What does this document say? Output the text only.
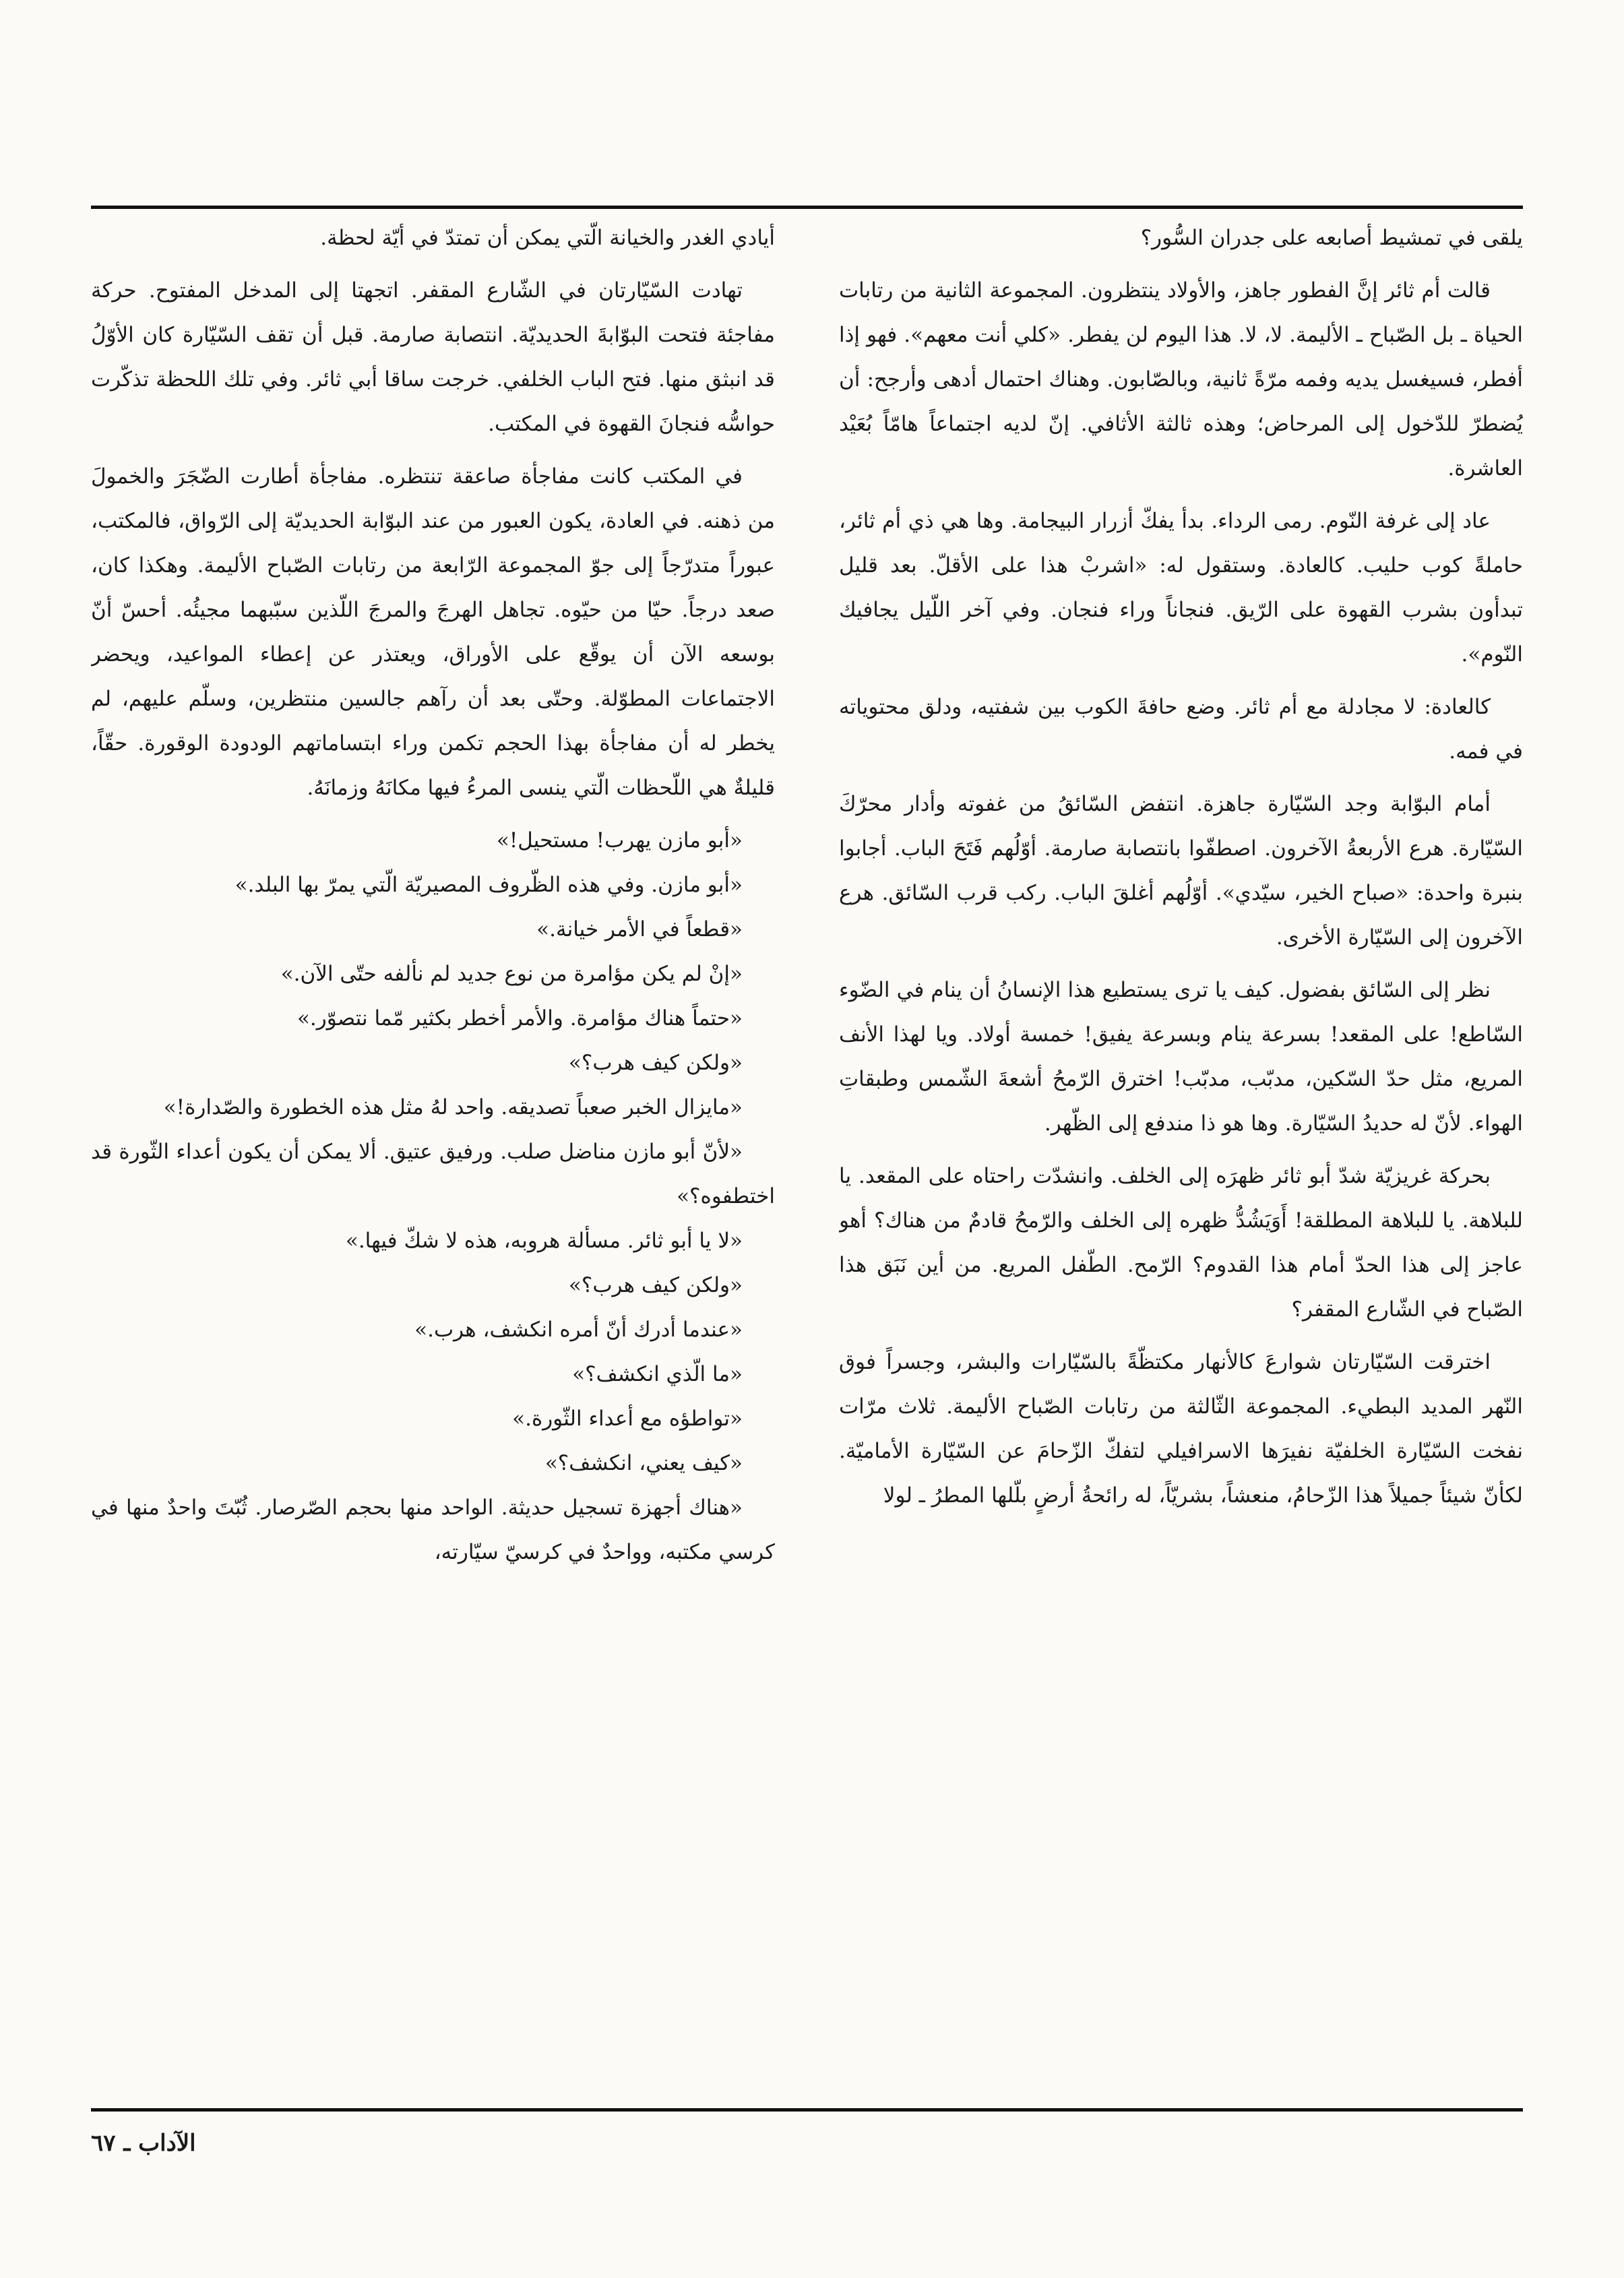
يلقى في تمشيط أصابعه على جدران السُّور؟

قالت أم ثائر إنَّ الفطور جاهز، والأولاد ينتظرون. المجموعة الثانية من رتابات الحياة ـ بل الصّباح ـ الأليمة. لا، لا. هذا اليوم لن يفطر. «كلي أنت معهم». فهو إذا أفطر، فسيغسل يديه وفمه مرّةً ثانية، وبالصّابون. وهناك احتمال أدهى وأرجح: أن يُضطرّ للدّخول إلى المرحاض؛ وهذه ثالثة الأثافي. إنّ لديه اجتماعاً هامّاً بُعَيْد العاشرة.

عاد إلى غرفة النّوم. رمى الرداء. بدأ يفكّ أزرار البيجامة. وها هي ذي أم ثائر، حاملةً كوب حليب. كالعادة. وستقول له: «اشربْ هذا على الأقلّ. بعد قليل تبدأون بشرب القهوة على الرّيق. فنجاناً وراء فنجان. وفي آخر اللّيل يجافيك النّوم».

كالعادة: لا مجادلة مع أم ثائر. وضع حافةَ الكوب بين شفتيه، ودلق محتوياته في فمه.

أمام البوّابة وجد السّيّارة جاهزة. انتفض السّائقُ من غفوته وأدار محرّكَ السّيّارة. هرع الأربعةُ الآخرون. اصطفّوا بانتصابة صارمة. أوّلُهم فَتَحَ الباب. أجابوا بنبرة واحدة: «صباح الخير، سيّدي». أوّلُهم أغلقَ الباب. ركب قرب السّائق. هرع الآخرون إلى السّيّارة الأخرى.

نظر إلى السّائق بفضول. كيف يا ترى يستطيع هذا الإنسانُ أن ينام في الضّوء السّاطع! على المقعد! بسرعة ينام وبسرعة يفيق! خمسة أولاد. ويا لهذا الأنف المريع، مثل حدّ السّكين، مدبّب، مدبّب! اخترق الرّمحُ أشعةَ الشّمس وطبقاتِ الهواء. لأنّ له حديدُ السّيّارة. وها هو ذا مندفع إلى الظّهر.

بحركة غريزيّة شدّ أبو ثائر ظهرَه إلى الخلف. وانشدّت راحتاه على المقعد. يا للبلاهة. يا للبلاهة المطلقة! أَوَيَشُدُّ ظهره إلى الخلف والرّمحُ قادمٌ من هناك؟ أهو عاجز إلى هذا الحدّ أمام هذا القدوم؟ الرّمح. الطّفل المريع. من أين نَبَق هذا الصّباح في الشّارع المقفر؟

اخترقت السّيّارتان شوارعَ كالأنهار مكتظّةً بالسّيّارات والبشر، وجسراً فوق النّهر المديد البطيء. المجموعة الثّالثة من رتابات الصّباح الأليمة. ثلاث مرّات نفخت السّيّارة الخلفيّة نفيرَها الاسرافيلي لتفكّ الزّحامَ عن السّيّارة الأماميّة. لكأنّ شيئاً جميلاً هذا الزّحامُ، منعشاً، بشريّاً، له رائحةُ أرضٍ بلّلها المطرُ ـ لولا

أيادي الغدر والخيانة الّتي يمكن أن تمتدّ في أيّة لحظة.

تهادت السّيّارتان في الشّارع المقفر. اتجهتا إلى المدخل المفتوح. حركة مفاجئة فتحت البوّابةَ الحديديّة. انتصابة صارمة. قبل أن تقف السّيّارة كان الأوّلُ قد انبثق منها. فتح الباب الخلفي. خرجت ساقا أبي ثائر. وفي تلك اللحظة تذكّرت حواسُّه فنجانَ القهوة في المكتب.

في المكتب كانت مفاجأة صاعقة تنتظره. مفاجأة أطارت الضّجَرَ والخمولَ من ذهنه. في العادة، يكون العبور من عند البوّابة الحديديّة إلى الرّواق، فالمكتب، عبوراً متدرّجاً إلى جوّ المجموعة الرّابعة من رتابات الصّباح الأليمة. وهكذا كان، صعد درجاً. حيّا من حيّوه. تجاهل الهرجَ والمرجَ اللّذين سبّبهما مجيئُه. أحسّ أنّ بوسعه الآن أن يوقّع على الأوراق، ويعتذر عن إعطاء المواعيد، ويحضر الاجتماعات المطوّلة. وحتّى بعد أن رآهم جالسين منتظرين، وسلّم عليهم، لم يخطر له أن مفاجأة بهذا الحجم تكمن وراء ابتساماتهم الودودة الوقورة. حقّاً، قليلةٌ هي اللّحظات الّتي ينسى المرءُ فيها مكانَهُ وزمانَهُ.

«أبو مازن يهرب! مستحيل!»

«أبو مازن. وفي هذه الظّروف المصيريّة الّتي يمرّ بها البلد.»

«قطعاً في الأمر خيانة.»

«إنْ لم يكن مؤامرة من نوع جديد لم نألفه حتّى الآن.»

«حتماً هناك مؤامرة. والأمر أخطر بكثير مّما نتصوّر.»

«ولكن كيف هرب؟»

«مايزال الخبر صعباً تصديقه. واحد لهُ مثل هذه الخطورة والصّدارة!»

«لأنّ أبو مازن مناضل صلب. ورفيق عتيق. ألا يمكن أن يكون أعداء الثّورة قد اختطفوه؟»

«لا يا أبو ثائر. مسألة هروبه، هذه لا شكّ فيها.»

«ولكن كيف هرب؟»

«عندما أدرك أنّ أمره انكشف، هرب.»

«ما الّذي انكشف؟»

«تواطؤه مع أعداء الثّورة.»

«كيف يعني، انكشف؟»

«هناك أجهزة تسجيل حديثة. الواحد منها بحجم الصّرصار. ثُبّتَ واحدٌ منها في كرسي مكتبه، وواحدٌ في كرسيّ سيّارته،

الآداب ـ ٦٧
